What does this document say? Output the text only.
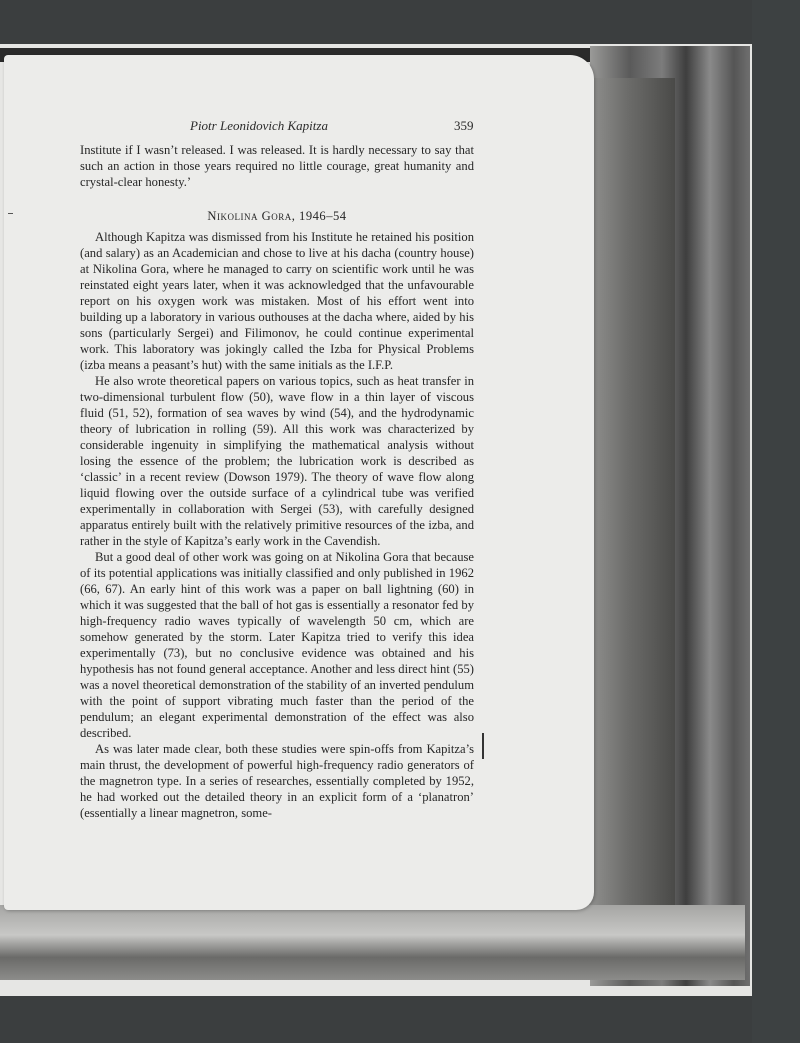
Piotr Leonidovich Kapitza	359

Institute if I wasn’t released. I was released. It is hardly necessary to say that such an action in those years required no little courage, great humanity and crystal-clear honesty.’

Nikolina Gora, 1946–54

Although Kapitza was dismissed from his Institute he retained his position (and salary) as an Academician and chose to live at his dacha (country house) at Nikolina Gora, where he managed to carry on scientific work until he was reinstated eight years later, when it was acknowledged that the unfavourable report on his oxygen work was mistaken. Most of his effort went into building up a laboratory in various outhouses at the dacha where, aided by his sons (particularly Sergei) and Filimonov, he could continue experimental work. This laboratory was jokingly called the Izba for Physical Problems (izba means a peasant’s hut) with the same initials as the I.F.P.

He also wrote theoretical papers on various topics, such as heat transfer in two-dimensional turbulent flow (50), wave flow in a thin layer of viscous fluid (51, 52), formation of sea waves by wind (54), and the hydrodynamic theory of lubrication in rolling (59). All this work was characterized by considerable ingenuity in simplifying the mathematical analysis without losing the essence of the problem; the lubrication work is described as ‘classic’ in a recent review (Dowson 1979). The theory of wave flow along liquid flowing over the outside surface of a cylindrical tube was verified experimentally in collaboration with Sergei (53), with carefully designed apparatus entirely built with the relatively primitive resources of the izba, and rather in the style of Kapitza’s early work in the Cavendish.

But a good deal of other work was going on at Nikolina Gora that because of its potential applications was initially classified and only published in 1962 (66, 67). An early hint of this work was a paper on ball lightning (60) in which it was suggested that the ball of hot gas is essentially a resonator fed by high-frequency radio waves typically of wavelength 50 cm, which are somehow generated by the storm. Later Kapitza tried to verify this idea experimentally (73), but no conclusive evidence was obtained and his hypothesis has not found general acceptance. Another and less direct hint (55) was a novel theoretical demonstration of the stability of an inverted pendulum with the point of support vibrating much faster than the period of the pendulum; an elegant experimental demonstration of the effect was also described.

As was later made clear, both these studies were spin-offs from Kapitza’s main thrust, the development of powerful high-frequency radio generators of the magnetron type. In a series of researches, essentially completed by 1952, he had worked out the detailed theory in an explicit form of a ‘planatron’ (essentially a linear magnetron, some-
